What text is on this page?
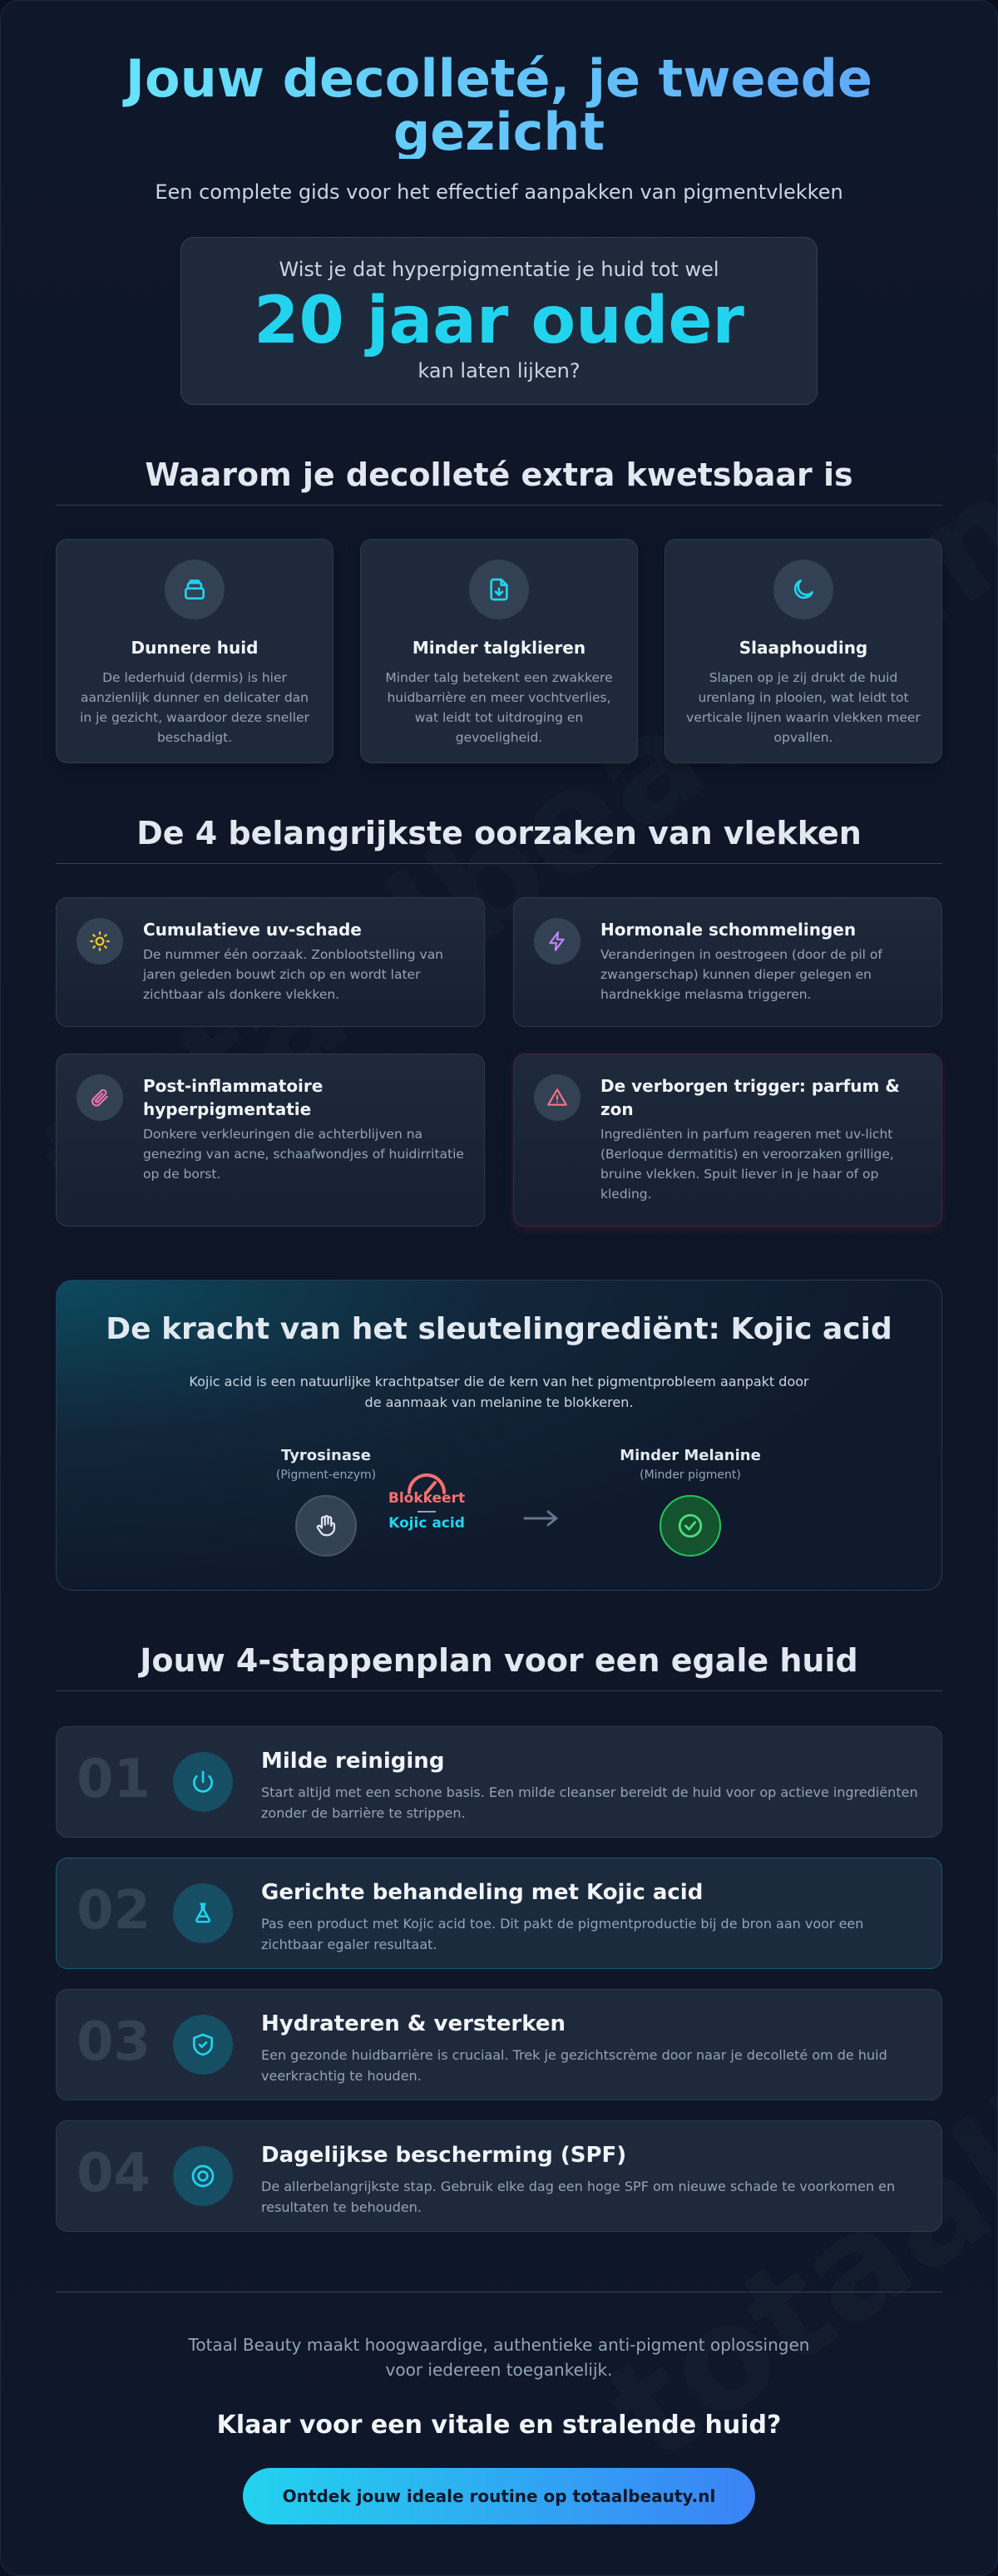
Jouw decolleté, je tweede gezicht

Een complete gids voor het effectief aanpakken van pigmentvlekken

Wist je dat hyperpigmentatie je huid tot wel
20 jaar ouder
kan laten lijken?
Waarom je decolleté extra kwetsbaar is
Dunnere huid

De lederhuid (dermis) is hier aanzienlijk dunner en delicater dan in je gezicht, waardoor deze sneller beschadigt.

Minder talgklieren

Minder talg betekent een zwakkere huidbarrière en meer vochtverlies, wat leidt tot uitdroging en gevoeligheid.

Slaaphouding

Slapen op je zij drukt de huid urenlang in plooien, wat leidt tot verticale lijnen waarin vlekken meer opvallen.

De 4 belangrijkste oorzaken van vlekken
Cumulatieve uv-schade

De nummer één oorzaak. Zonblootstelling van jaren geleden bouwt zich op en wordt later zichtbaar als donkere vlekken.

Hormonale schommelingen

Veranderingen in oestrogeen (door de pil of zwangerschap) kunnen dieper gelegen en hardnekkige melasma triggeren.

Post-inflammatoire hyperpigmentatie

Donkere verkleuringen die achterblijven na genezing van acne, schaafwondjes of huidirritatie op de borst.

De verborgen trigger: parfum & zon

Ingrediënten in parfum reageren met uv-licht (Berloque dermatitis) en veroorzaken grillige, bruine vlekken. Spuit liever in je haar of op kleding.

De kracht van het sleutelingrediënt: Kojic acid

Kojic acid is een natuurlijke krachtpatser die de kern van het pigmentprobleem aanpakt door de aanmaak van melanine te blokkeren.

Tyrosinase
(Pigment-enzym)
Blokkeert
Kojic acid
Minder Melanine
(Minder pigment)
Jouw 4-stappenplan voor een egale huid
01	Milde reiniging

Start altijd met een schone basis. Een milde cleanser bereidt de huid voor op actieve ingrediënten zonder de barrière te strippen.

02	Gerichte behandeling met Kojic acid

Pas een product met Kojic acid toe. Dit pakt de pigmentproductie bij de bron aan voor een zichtbaar egaler resultaat.

03	Hydrateren & versterken

Een gezonde huidbarrière is cruciaal. Trek je gezichtscrème door naar je decolleté om de huid veerkrachtig te houden.

04	Dagelijkse bescherming (SPF)

De allerbelangrijkste stap. Gebruik elke dag een hoge SPF om nieuwe schade te voorkomen en resultaten te behouden.

Totaal Beauty maakt hoogwaardige, authentieke anti-pigment oplossingen voor iedereen toegankelijk.

Klaar voor een vitale en stralende huid?
Ontdek jouw ideale routine op totaalbeauty.nl
